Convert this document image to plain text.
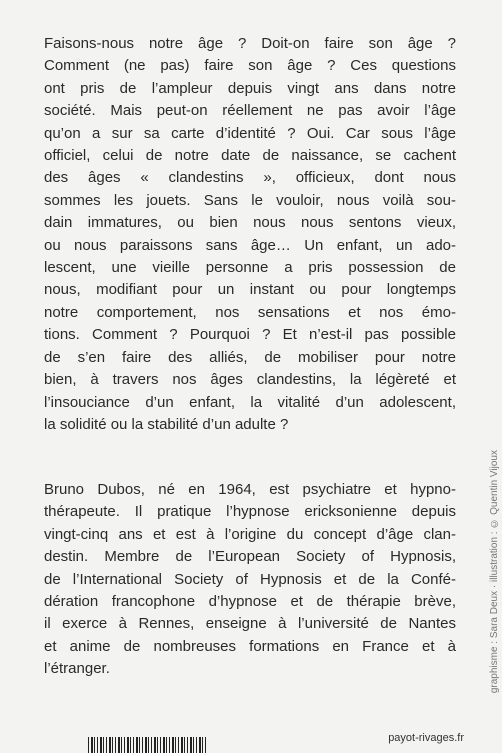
Faisons-nous notre âge ? Doit-on faire son âge ?
Comment (ne pas) faire son âge ? Ces questions
ont pris de l’ampleur depuis vingt ans dans notre
société. Mais peut-on réellement ne pas avoir l’âge
qu’on a sur sa carte d’identité ? Oui. Car sous l’âge
officiel, celui de notre date de naissance, se cachent
des âges « clandestins », officieux, dont nous
sommes les jouets. Sans le vouloir, nous voilà sou-
dain immatures, ou bien nous nous sentons vieux,
ou nous paraissons sans âge… Un enfant, un ado-
lescent, une vieille personne a pris possession de
nous, modifiant pour un instant ou pour longtemps
notre comportement, nos sensations et nos émo-
tions. Comment ? Pourquoi ? Et n’est-il pas possible
de s’en faire des alliés, de mobiliser pour notre
bien, à travers nos âges clandestins, la légèreté et
l’insouciance d’un enfant, la vitalité d’un adolescent,
la solidité ou la stabilité d’un adulte ?
Bruno Dubos, né en 1964, est psychiatre et hypno-
thérapeute. Il pratique l’hypnose ericksonienne depuis
vingt-cinq ans et est à l’origine du concept d’âge clan-
destin. Membre de l’European Society of Hypnosis,
de l’International Society of Hypnosis et de la Confé-
dération francophone d’hypnose et de thérapie brève,
il exerce à Rennes, enseigne à l’université de Nantes
et anime de nombreuses formations en France et à
l’étranger.	graphisme : Sara Deux · illustration : © Quentin Vijoux
payot-rivages.fr
